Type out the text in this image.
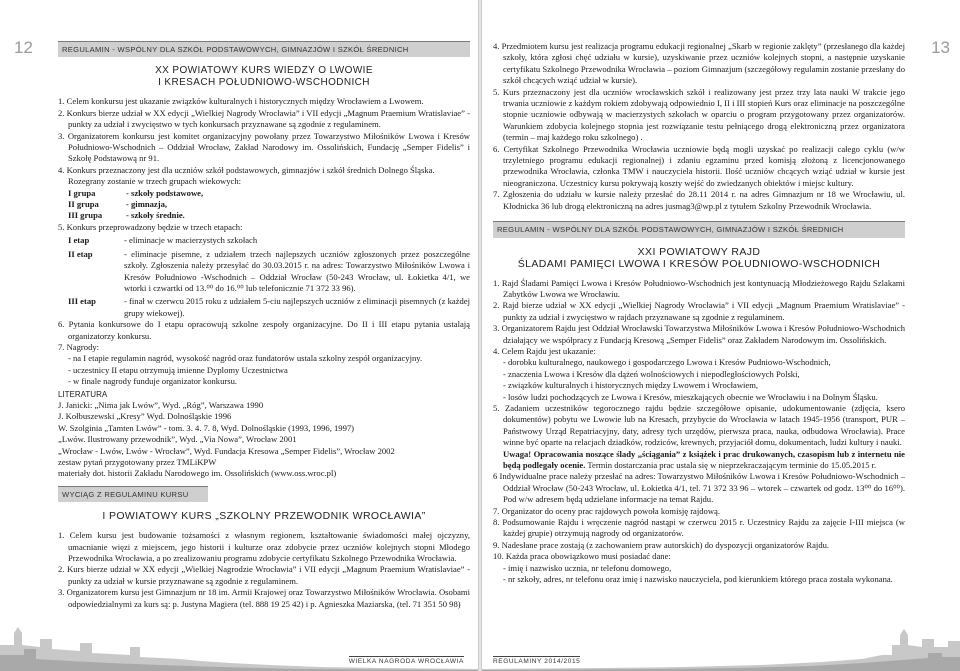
12	REGULAMIN - WSPÓLNY DLA SZKÓŁ PODSTAWOWYCH, GIMNAZJÓW I SZKÓŁ ŚREDNICH
XX POWIATOWY KURS WIEDZY O LWOWIE
I KRESACH POŁUDNIOWO-WSCHODNICH

1. Celem konkursu jest ukazanie związków kulturalnych i historycznych między Wrocławiem a Lwowem.

2. Konkurs bierze udział w XX edycji „Wielkiej Nagrody Wrocławia” i VII edycji „Magnum Praemium Wratislaviae” - punkty za udział i zwycięstwo w tych konkursach przyznawane są zgodnie z regulaminem.

3. Organizatorem konkursu jest komitet organizacyjny powołany przez Towarzystwo Miłośników Lwowa i Kresów Południowo-Wschodnich – Oddział Wrocław, Zakład Narodowy im. Ossolińskich, Fundację „Semper Fidelis” i Szkołę Podstawową nr 91.

4. Konkurs przeznaczony jest dla uczniów szkół podstawowych, gimnazjów i szkół średnich Dolnego Śląska.

Rozegrany zostanie w trzech grupach wiekowych:

I grupa	- szkoły podstawowe,
II grupa	- gimnazja,
III grupa	- szkoły średnie.

5. Konkurs przeprowadzony będzie w trzech etapach:

I etap	- eliminacje w macierzystych szkołach
II etap	- eliminacje pisemne, z udziałem trzech najlepszych uczniów zgłoszonych przez poszczególne szkoły. Zgłoszenia należy przesyłać do 30.03.2015 r. na adres: Towarzystwo Miłośników Lwowa i Kresów Południowo -Wschodnich – Oddział Wrocław (50-243 Wrocław, ul. Łokietka 4/1, we wtorki i czwartki od 13.⁰⁰ do 16.⁰⁰ lub telefonicznie 71 372 33 96).
III etap	- finał w czerwcu 2015 roku z udziałem 5-ciu najlepszych uczniów z eliminacji pisemnych (z każdej grupy wiekowej).

6. Pytania konkursowe do I etapu opracowują szkolne zespoły organizacyjne. Do II i III etapu pytania ustalają organizatorzy konkursu.

7. Nagrody:

- na I etapie regulamin nagród, wysokość nagród oraz fundatorów ustala szkolny zespół organizacyjny.

- uczestnicy II etapu otrzymują imienne Dyplomy Uczestnictwa

- w finale nagrody funduje organizator konkursu.

LITERATURA

J. Janicki: „Nima jak Lwów”, Wyd. „Róg”, Warszawa 1990

J. Kołbuszewski „Kresy” Wyd. Dolnośląskie 1996

W. Szolginia „Tamten Lwów” - tom. 3. 4. 7. 8, Wyd. Dolnośląskie (1993, 1996, 1997)

„Lwów. Ilustrowany przewodnik”, Wyd. „Via Nowa”, Wrocław 2001

„Wrocław - Lwów, Lwów - Wrocław”, Wyd. Fundacja Kresowa „Semper Fidelis”, Wrocław 2002

zestaw pytań przygotowany przez TMLiKPW

materiały dot. historii Zakładu Narodowego im. Ossolińskich (www.oss.wroc.pl)

WYCIĄG Z REGULAMINU KURSU
I POWIATOWY KURS „SZKOLNY PRZEWODNIK WROCŁAWIA”

1. Celem kursu jest budowanie tożsamości z własnym regionem, kształtowanie świadomości małej ojczyzny, umacnianie więzi z miejscem, jego historii i kulturze oraz zdobycie przez uczniów kolejnych stopni Młodego Przewodnika Wrocławia, a po zrealizowaniu programu zdobycie certyfikatu Szkolnego Przewodnika Wrocławia.

2. Kurs bierze udział w XX edycji „Wielkiej Nagrodzie Wrocławia” i VII edycji „Magnum Praemium Wratislaviae” - punkty za udział w kursie przyznawane są zgodnie z regulaminem.

3. Organizatorem kursu jest Gimnazjum nr 18 im. Armii Krajowej oraz Towarzystwo Miłośników Wrocławia. Osobami odpowiedzialnymi za kurs są: p. Justyna Magiera (tel. 888 19 25 42) i p. Agnieszka Maziarska, (tel. 71 351 50 98)

WIELKA NAGRODA WROCŁAWIA
13

4. Przedmiotem kursu jest realizacja programu edukacji regionalnej „Skarb w regionie zaklęty” (przesłanego dla każdej szkoły, która zgłosi chęć udziału w kursie), uzyskiwanie przez uczniów kolejnych stopni, a następnie uzyskanie certyfikatu Szkolnego Przewodnika Wrocławia – poziom Gimnazjum (szczegółowy regulamin zostanie przesłany do szkół chcących wziąć udział w kursie).

5. Kurs przeznaczony jest dla uczniów wrocławskich szkół i realizowany jest przez trzy lata nauki W trakcie jego trwania uczniowie z każdym rokiem zdobywają odpowiednio I, II i III stopień Kurs oraz eliminacje na poszczególne stopnie uczniowie odbywają w macierzystych szkołach w oparciu o program przygotowany przez organizatorów. Warunkiem zdobycia kolejnego stopnia jest rozwiązanie testu pełniącego drogą elektroniczną przez organizatora (termin – maj każdego roku szkolnego) .

6. Certyfikat Szkolnego Przewodnika Wrocławia uczniowie będą mogli uzyskać po realizacji całego cyklu (w/w trzyletniego programu edukacji regionalnej) i zdaniu egzaminu przed komisją złożoną z licencjonowanego przewodnika Wrocławia, członka TMW i nauczyciela historii. Ilość uczniów chcących wziąć udział w kursie jest nieograniczona. Uczestnicy kursu pokrywają koszty wejść do zwiedzanych obiektów i miejsc kultury.

7. Zgłoszenia do udziału w kursie należy przesłać do 28.11 2014 r. na adres Gimnazjum nr 18 we Wrocławiu, ul. Kłodnicka 36 lub drogą elektroniczną na adres jusmag3@wp.pl z tytułem Szkolny Przewodnik Wrocławia.

REGULAMIN - WSPÓLNY DLA SZKÓŁ PODSTAWOWYCH, GIMNAZJÓW I SZKÓŁ ŚREDNICH
XXI POWIATOWY RAJD
ŚLADAMI PAMIĘCI LWOWA I KRESÓW POŁUDNIOWO-WSCHODNICH

1. Rajd Śladami Pamięci Lwowa i Kresów Południowo-Wschodnich jest kontynuacją Młodzieżowego Rajdu Szlakami Zabytków Lwowa we Wrocławiu.

2. Rajd bierze udział w XX edycji „Wielkiej Nagrody Wrocławia” i VII edycji „Magnum Praemium Wratislaviae” - punkty za udział i zwycięstwo w rajdach przyznawane są zgodnie z regulaminem.

3. Organizatorem Rajdu jest Oddział Wrocławski Towarzystwa Miłośników Lwowa i Kresów Południowo-Wschodnich działający we współpracy z Fundacją Kresową „Semper Fidelis” oraz Zakładem Narodowym im. Ossolińskich.

4. Celem Rajdu jest ukazanie:

- dorobku kulturalnego, naukowego i gospodarczego Lwowa i Kresów Pudniowo-Wschodnich,

- znaczenia Lwowa i Kresów dla dążeń wolnościowych i niepodległościowych Polski,

- związków kulturalnych i historycznych między Lwowem i Wrocławiem,

- losów ludzi pochodzących ze Lwowa i Kresów, mieszkających obecnie we Wrocławiu i na Dolnym Śląsku.

5. Zadaniem uczestników tegorocznego rajdu będzie szczegółowe opisanie, udokumentowanie (zdjęcia, ksero dokumentów) pobytu we Lwowie lub na Kresach, przybycie do Wrocławia w latach 1945-1956 (transport, PUR – Państwowy Urząd Repatriacyjny, daty, adresy tych urzędów, pierwsza praca, nauka, odbudowa Wrocławia). Prace winne być oparte na relacjach dziadków, rodziców, krewnych, przyjaciół domu, dokumentach, ludzi kultury i nauki.

Uwaga! Opracowania noszące ślady „ściągania” z książek i prac drukowanych, czasopism lub z internetu nie będą podlegały ocenie. Termin dostarczania prac ustala się w nieprzekraczającym terminie do 15.05.2015 r.

6 Indywidualne prace należy przesłać na adres: Towarzystwo Miłośników Lwowa i Kresów Południowo-Wschodnich – Oddział Wrocław (50-243 Wrocław, ul. Łokietka 4/1, tel. 71 372 33 96 – wtorek – czwartek od godz. 13⁰⁰ do 16⁰⁰). Pod w/w adresem będą udzielane informacje na temat Rajdu.

7. Organizator do oceny prac rajdowych powoła komisję rajdową.

8. Podsumowanie Rajdu i wręczenie nagród nastąpi w czerwcu 2015 r. Uczestnicy Rajdu za zajęcie I-III miejsca (w każdej grupie) otrzymują nagrody od organizatorów.

9. Nadesłane prace zostają (z zachowaniem praw autorskich) do dyspozycji organizatorów Rajdu.

10. Każda praca obowiązkowo musi posiadać dane:

- imię i nazwisko ucznia, nr telefonu domowego,

- nr szkoły, adres, nr telefonu oraz imię i nazwisko nauczyciela, pod kierunkiem którego praca została wykonana.

REGULAMINY 2014/2015
